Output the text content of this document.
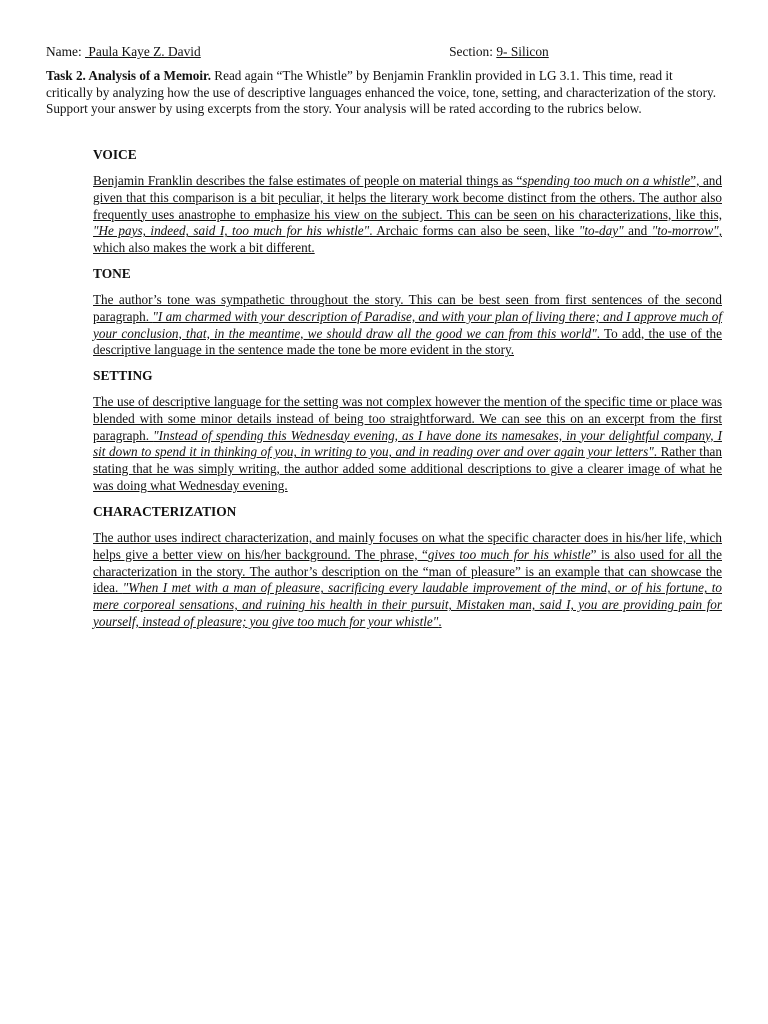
Name: Paula Kaye Z. David	Section: 9- Silicon
Task 2. Analysis of a Memoir. Read again “The Whistle” by Benjamin Franklin provided in LG 3.1. This time, read it critically by analyzing how the use of descriptive languages enhanced the voice, tone, setting, and characterization of the story. Support your answer by using excerpts from the story. Your analysis will be rated according to the rubrics below.

VOICE

Benjamin Franklin describes the false estimates of people on material things as “spending too much on a whistle”, and given that this comparison is a bit peculiar, it helps the literary work become distinct from the others. The author also frequently uses anastrophe to emphasize his view on the subject. This can be seen on his characterizations, like this, "He pays, indeed, said I, too much for his whistle". Archaic forms can also be seen, like "to-day" and "to-morrow", which also makes the work a bit different.

TONE

The author’s tone was sympathetic throughout the story. This can be best seen from first sentences of the second paragraph. "I am charmed with your description of Paradise, and with your plan of living there; and I approve much of your conclusion, that, in the meantime, we should draw all the good we can from this world". To add, the use of the descriptive language in the sentence made the tone be more evident in the story.

SETTING

The use of descriptive language for the setting was not complex however the mention of the specific time or place was blended with some minor details instead of being too straightforward. We can see this on an excerpt from the first paragraph. "Instead of spending this Wednesday evening, as I have done its namesakes, in your delightful company, I sit down to spend it in thinking of you, in writing to you, and in reading over and over again your letters". Rather than stating that he was simply writing, the author added some additional descriptions to give a clearer image of what he was doing what Wednesday evening.

CHARACTERIZATION

The author uses indirect characterization, and mainly focuses on what the specific character does in his/her life, which helps give a better view on his/her background. The phrase, “gives too much for his whistle” is also used for all the characterization in the story. The author’s description on the “man of pleasure” is an example that can showcase the idea. "When I met with a man of pleasure, sacrificing every laudable improvement of the mind, or of his fortune, to mere corporeal sensations, and ruining his health in their pursuit, Mistaken man, said I, you are providing pain for yourself, instead of pleasure; you give too much for your whistle".
